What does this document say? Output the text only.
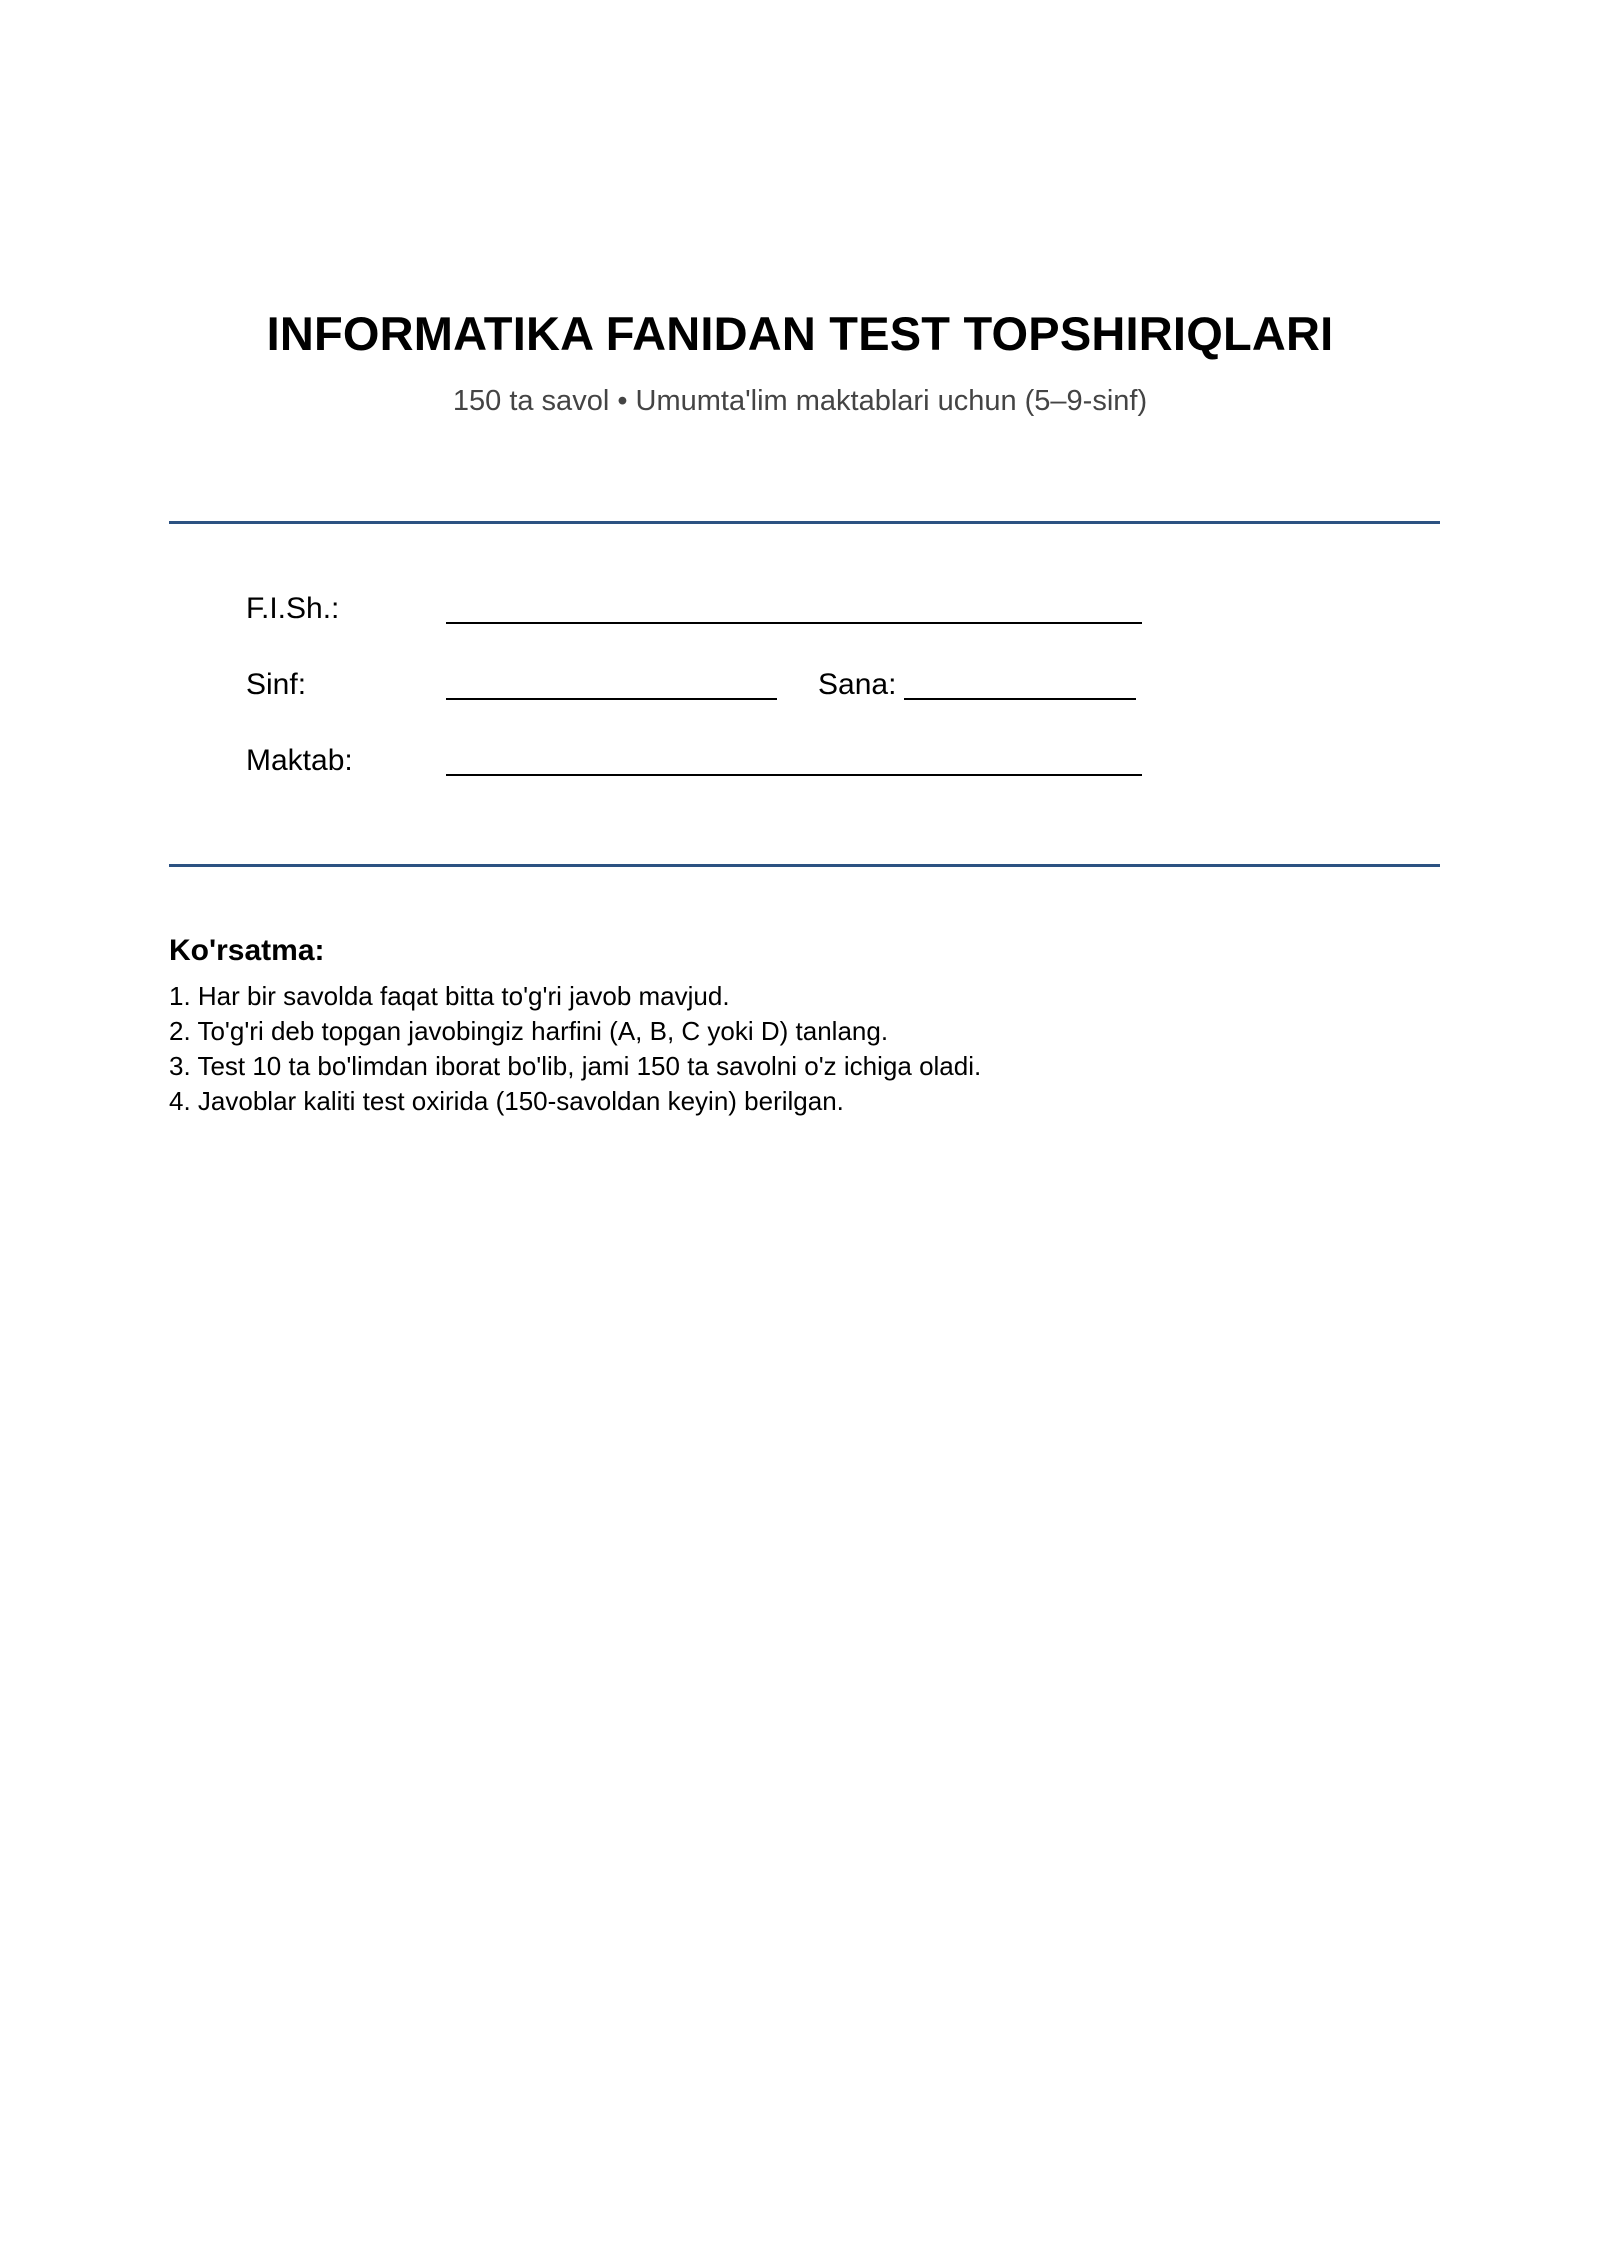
INFORMATIKA FANIDAN TEST TOPSHIRIQLARI
150 ta savol • Umumta'lim maktablari uchun (5–9-sinf)
F.I.Sh.:
Sinf:	Sana:
Maktab:
Ko'rsatma:
1. Har bir savolda faqat bitta to'g'ri javob mavjud.
2. To'g'ri deb topgan javobingiz harfini (A, B, C yoki D) tanlang.
3. Test 10 ta bo'limdan iborat bo'lib, jami 150 ta savolni o'z ichiga oladi.
4. Javoblar kaliti test oxirida (150-savoldan keyin) berilgan.
